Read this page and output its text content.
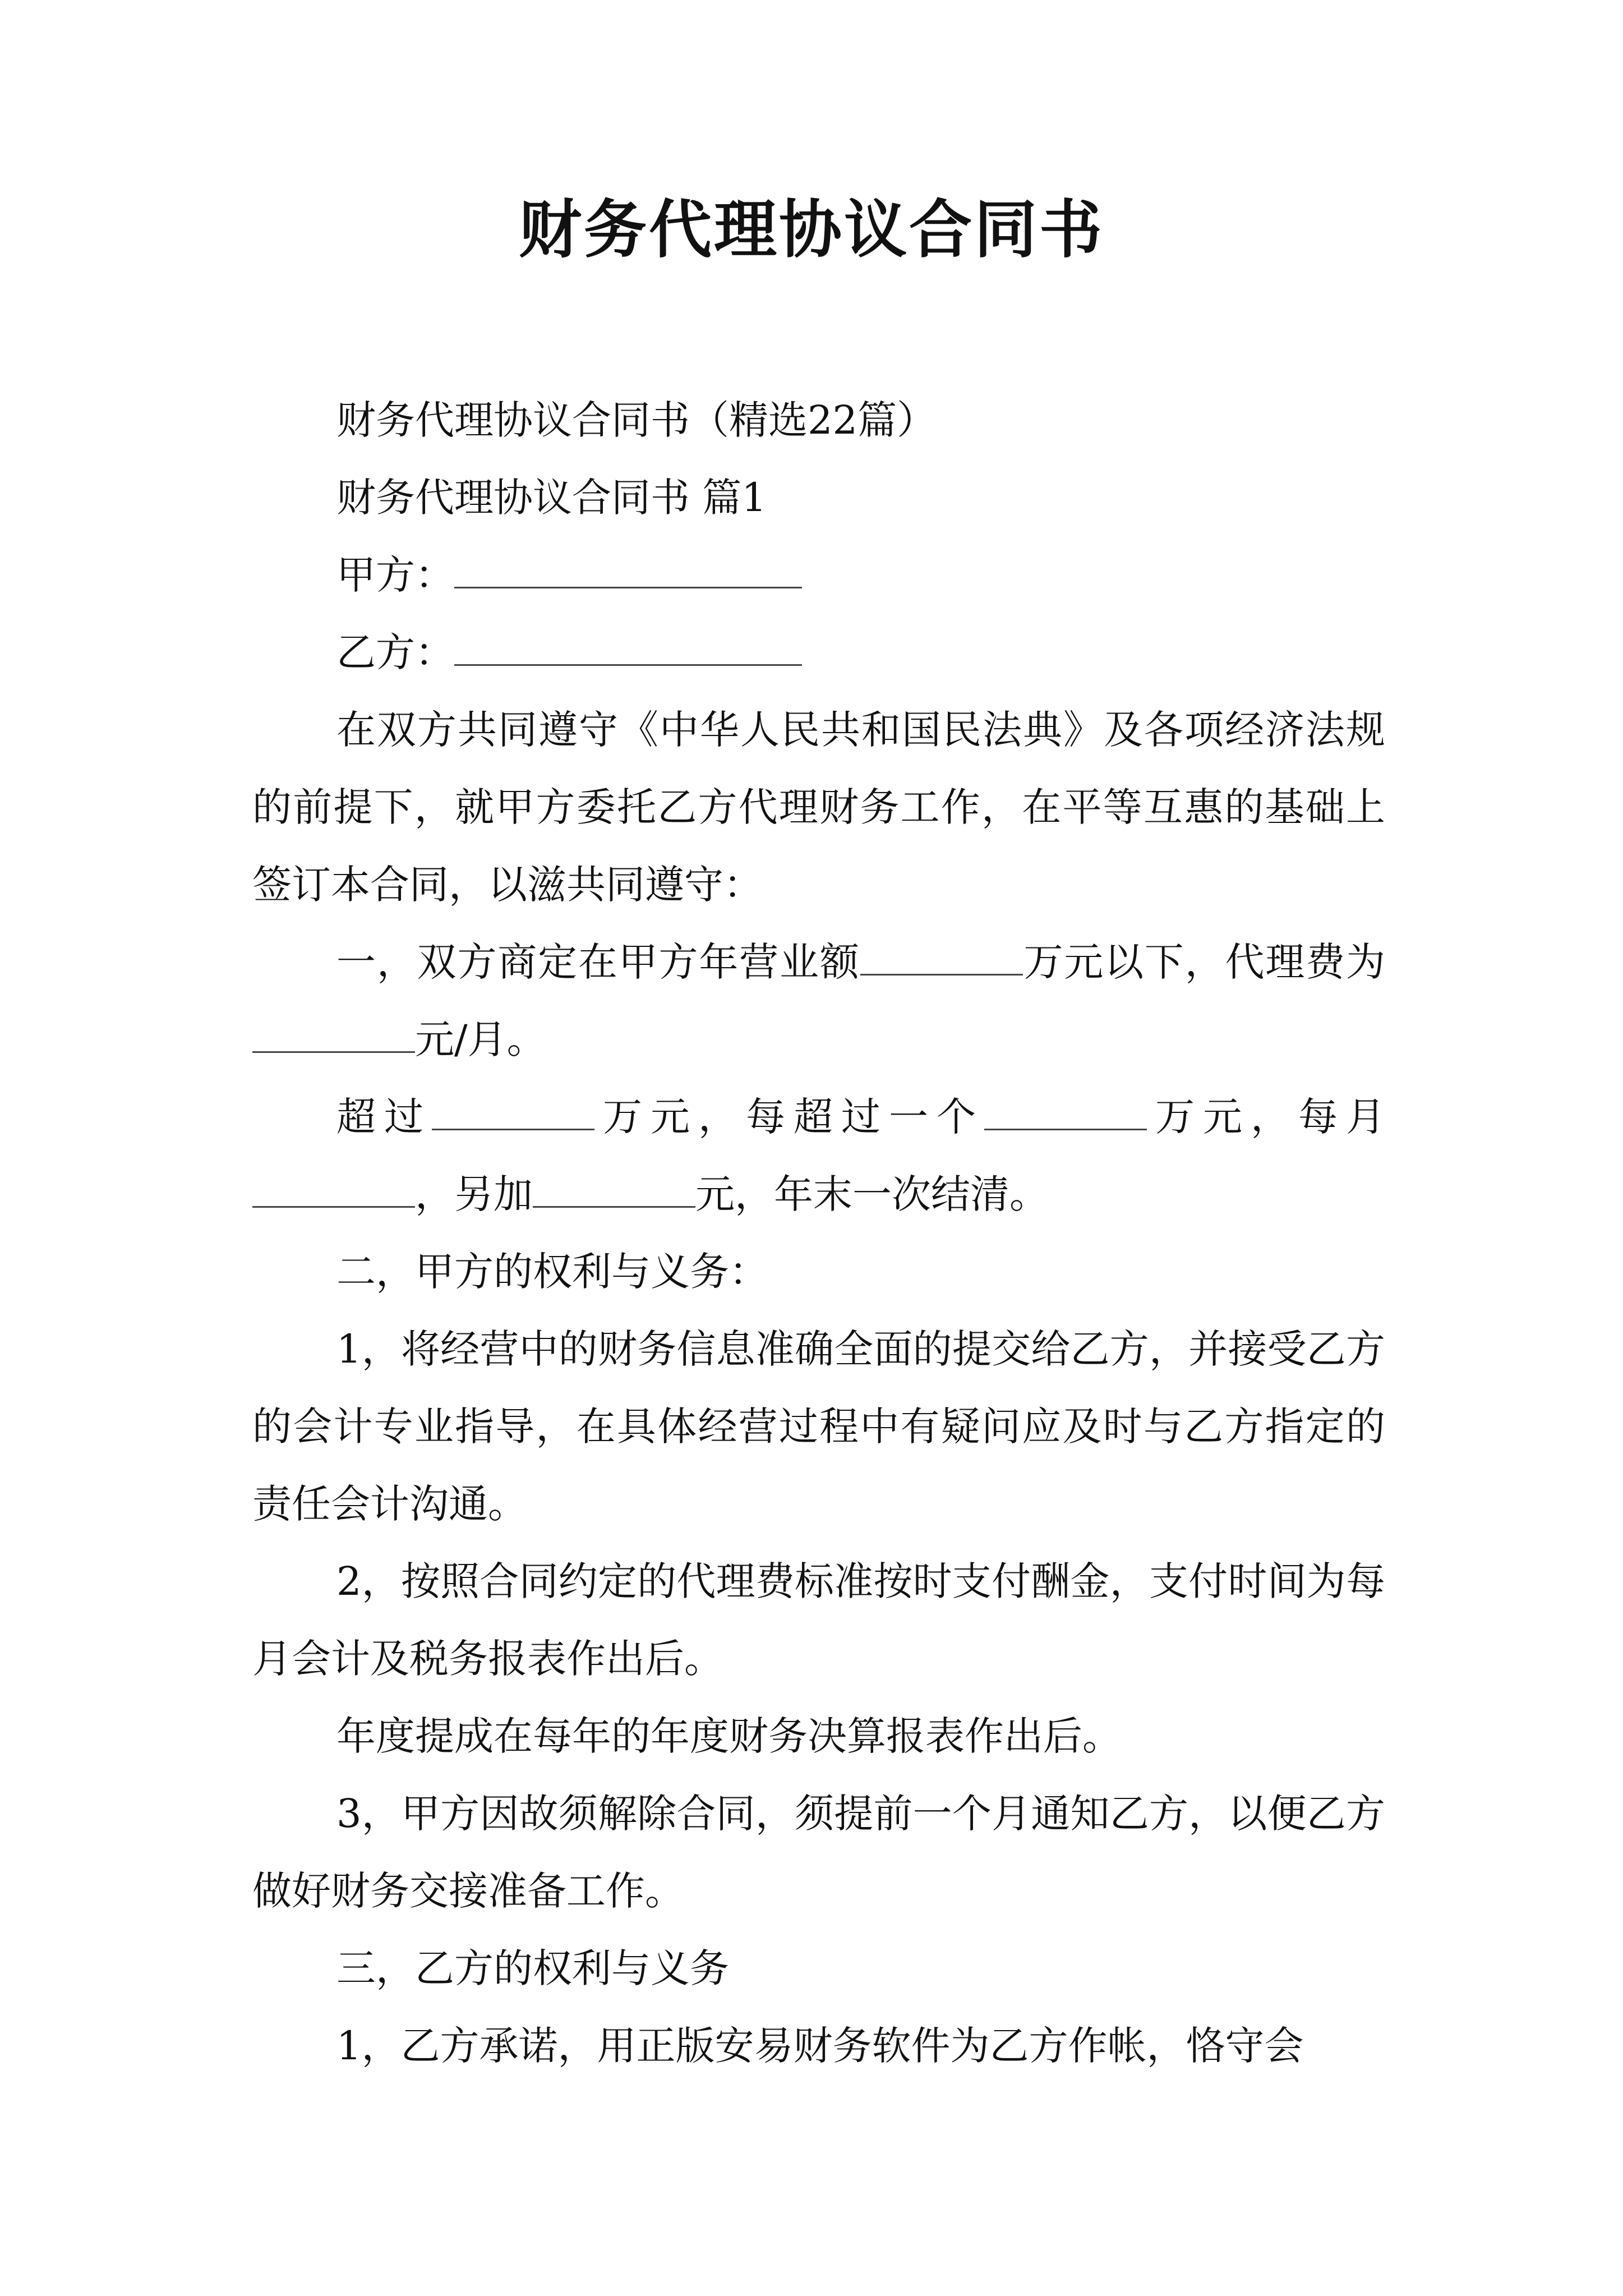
财务代理协议合同书

财务代理协议合同书（精选22篇）

财务代理协议合同书 篇1

甲方：

乙方：

在双方共同遵守《中华人民共和国民法典》及各项经济法规的前提下，就甲方委托乙方代理财务工作，在平等互惠的基础上签订本合同，以滋共同遵守：

一，双方商定在甲方年营业额	万元以下，代理费为元/月。

超过	万元，每超过一个	万元，每月，另加	元，年末一次结清。

二，甲方的权利与义务：

1，将经营中的财务信息准确全面的提交给乙方，并接受乙方的会计专业指导，在具体经营过程中有疑问应及时与乙方指定的责任会计沟通。

2，按照合同约定的代理费标准按时支付酬金，支付时间为每月会计及税务报表作出后。

年度提成在每年的年度财务决算报表作出后。

3，甲方因故须解除合同，须提前一个月通知乙方，以便乙方做好财务交接准备工作。

三，乙方的权利与义务

1，乙方承诺，用正版安易财务软件为乙方作帐，恪守会
